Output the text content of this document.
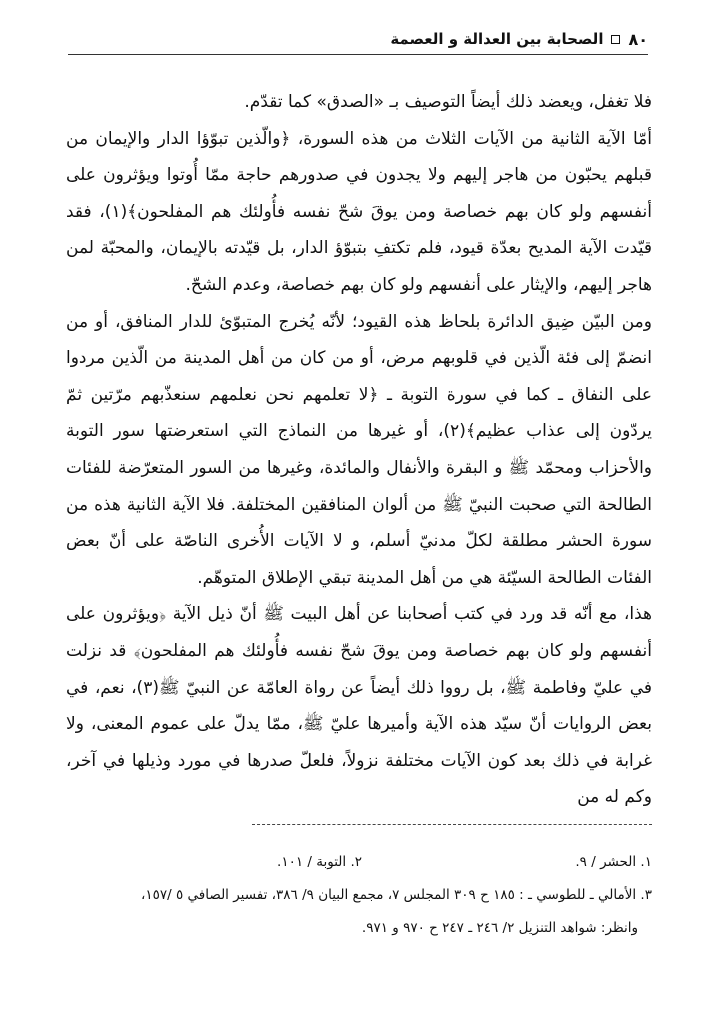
٨٠
الصحابة بين العدالة و العصمة

فلا تغفل، ويعضد ذلك أيضاً التوصيف بـ «الصدق» كما تقدّم.

أمّا الآية الثانية من الآيات الثلاث من هذه السورة، ﴿والّذين تبوّؤا الدار والإيمان من قبلهم يحبّون من هاجر إليهم ولا يجدون في صدورهم حاجة ممّا أُوتوا ويؤثرون على أنفسهم ولو كان بهم خصاصة ومن يوقَ شحّ نفسه فأُولئك هم المفلحون﴾(١)، فقد قيّدت الآية المديح بعدّة قيود، فلم تكتفِ بتبوّؤ الدار، بل قيّدته بالإيمان، والمحبّة لمن هاجر إليهم، والإيثار على أنفسهم ولو كان بهم خصاصة، وعدم الشحّ.

ومن البيّن ضِيق الدائرة بلحاظ هذه القيود؛ لأنّه يُخرج المتبوّئ للدار المنافق، أو من انضمّ إلى فئة الّذين في قلوبهم مرض، أو من كان من أهل المدينة من الّذين مردوا على النفاق ـ كما في سورة التوبة ـ ﴿لا تعلمهم نحن نعلمهم سنعذّبهم مرّتين ثمّ يردّون إلى عذاب عظيم﴾(٢)، أو غيرها من النماذج التي استعرضتها سور التوبة والأحزاب ومحمّد ﷺ و البقرة والأنفال والمائدة، وغيرها من السور المتعرّضة للفئات الطالحة التي صحبت النبيّ ﷺ من ألوان المنافقين المختلفة. فلا الآية الثانية هذه من سورة الحشر مطلقة لكلّ مدنيّ أسلم، و لا الآيات الأُخرى الناصّة على أنّ بعض الفئات الطالحة السيّئة هي من أهل المدينة تبقي الإطلاق المتوهّم.

هذا، مع أنّه قد ورد في كتب أصحابنا عن أهل البيت ﷺ أنّ ذيل الآية ﴿ويؤثرون على أنفسهم ولو كان بهم خصاصة ومن يوقَ شحّ نفسه فأُولئك هم المفلحون﴾ قد نزلت في عليّ وفاطمة ﷺ، بل رووا ذلك أيضاً عن رواة العامّة عن النبيّ ﷺ(٣)، نعم، في بعض الروايات أنّ سيّد هذه الآية وأميرها عليّ ﷺ، ممّا يدلّ على عموم المعنى، ولا غرابة في ذلك بعد كون الآيات مختلفة نزولاً، فلعلّ صدرها في مورد وذيلها في آخر، وكم له من

١. الحشر / ٩.
٢. التوبة / ١٠١.
٣. الأمالي ـ للطوسي ـ : ١٨٥ ح ٣٠٩ المجلس ٧، مجمع البيان ٩/ ٣٨٦، تفسير الصافي ٥ /١٥٧،
وانظر: شواهد التنزيل ٢/ ٢٤٦ ـ ٢٤٧ ح ٩٧٠ و ٩٧١.
